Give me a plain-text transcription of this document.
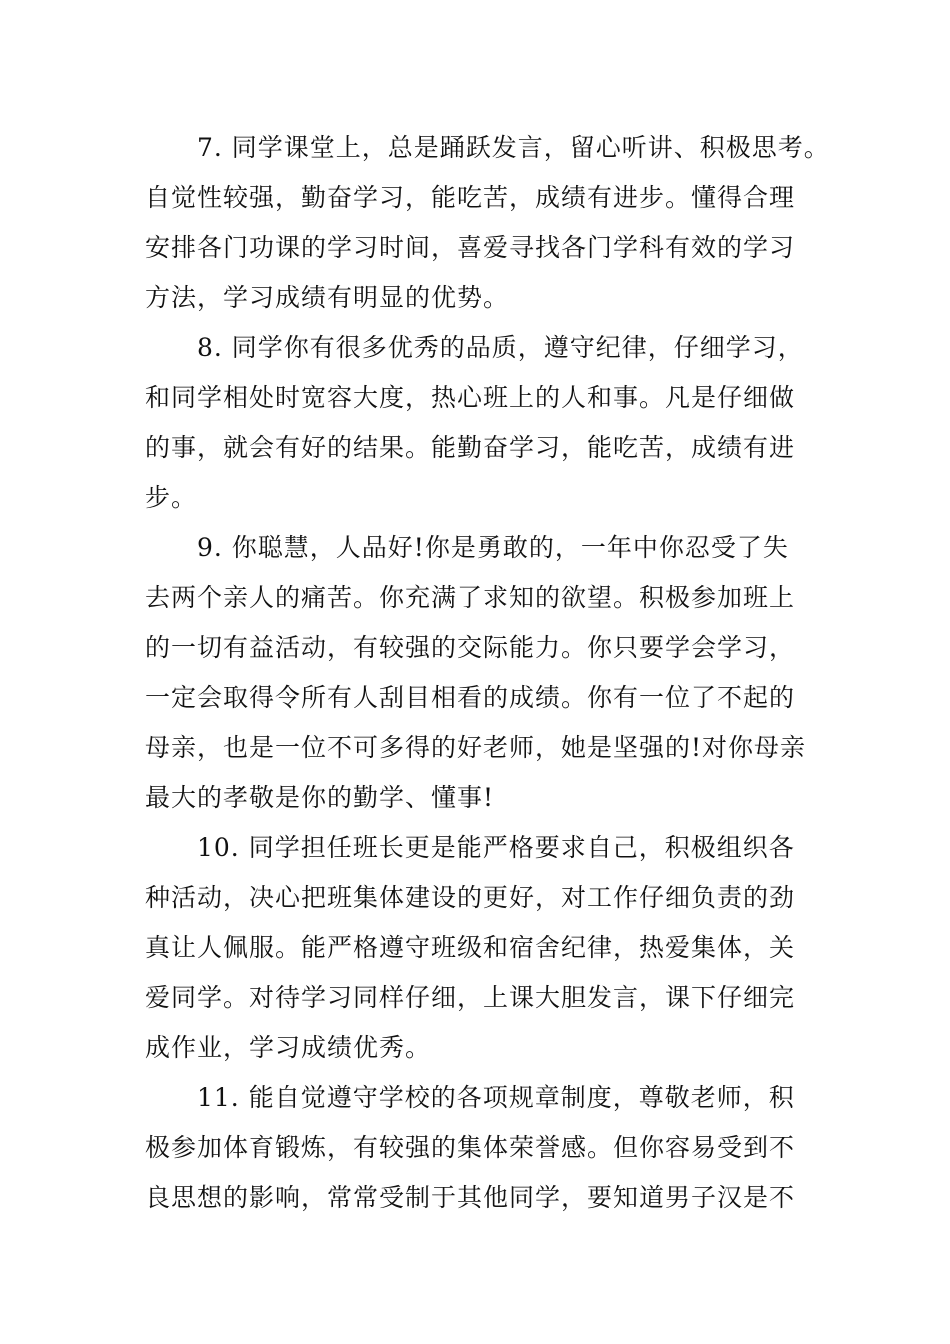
7. 同学课堂上，总是踊跃发言，留心听讲、积极思考。
自觉性较强，勤奋学习，能吃苦，成绩有进步。懂得合理
安排各门功课的学习时间，喜爱寻找各门学科有效的学习
方法，学习成绩有明显的优势。
8. 同学你有很多优秀的品质，遵守纪律，仔细学习，
和同学相处时宽容大度，热心班上的人和事。凡是仔细做
的事，就会有好的结果。能勤奋学习，能吃苦，成绩有进
步。
9. 你聪慧，人品好!你是勇敢的，一年中你忍受了失
去两个亲人的痛苦。你充满了求知的欲望。积极参加班上
的一切有益活动，有较强的交际能力。你只要学会学习，
一定会取得令所有人刮目相看的成绩。你有一位了不起的
母亲，也是一位不可多得的好老师，她是坚强的!对你母亲
最大的孝敬是你的勤学、懂事!
10. 同学担任班长更是能严格要求自己，积极组织各
种活动，决心把班集体建设的更好，对工作仔细负责的劲
真让人佩服。能严格遵守班级和宿舍纪律，热爱集体，关
爱同学。对待学习同样仔细，上课大胆发言，课下仔细完
成作业，学习成绩优秀。
11. 能自觉遵守学校的各项规章制度，尊敬老师，积
极参加体育锻炼，有较强的集体荣誉感。但你容易受到不
良思想的影响，常常受制于其他同学，要知道男子汉是不
